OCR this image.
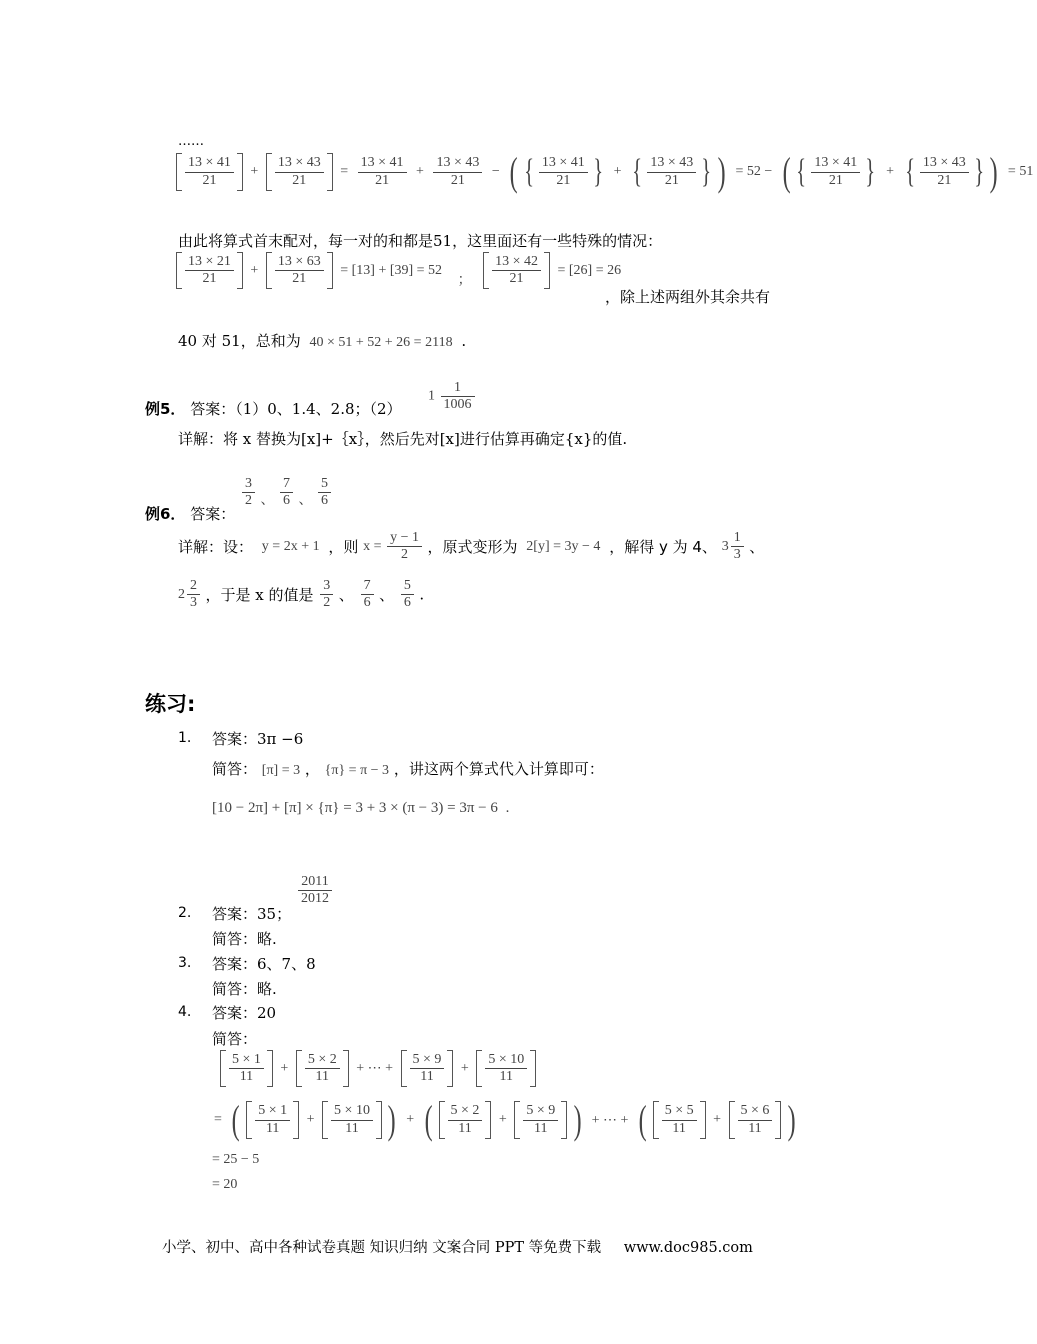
……
$\frac{13 \times 41}{21} + \frac{13 \times 43}{21} = \frac{13 \times 41}{21} + \frac{13 \times 43}{21}$ − ( { $\frac{13 \times 41}{21}$ } + { $\frac{13 \times 43}{21}$ } ) = 52 − ( { $\frac{13 \times 41}{21}$ } + { $\frac{13 \times 43}{21}$ } ) = 51
由此将算式首末配对，每一对的和都是51，这里面还有一些特殊的情况：
$\frac{13 \times 21}{21} + \frac{13 \times 63}{21} = [13] + [39] = 52$ ； $\frac{13 \times 42}{21} = [26] = 26$
，除上述两组外其余共有
40 对 51，总和为 40 × 51 + 52 + 26 = 2118 .
例5． 答案：（1）0、1.4、2.8；（2）
$1 \frac{1}{1006}$
详解：将 x 替换为[x]+｛x｝，然后先对[x]进行估算再确定{x}的值.
例6． 答案：
$\frac{3}{2}$ 、 $\frac{7}{6}$ 、 $\frac{5}{6}$
详解：设： y = 2x + 1 ，则 $x = \frac{y - 1}{2}$ ，原式变形为 2[y] = 3y − 4 ，解得 y 为 4、 $3 \frac{1}{3}$ 、
$2 \frac{2}{3}$ ，于是 x 的值是 $\frac{3}{2}$ 、 $\frac{7}{6}$ 、 $\frac{5}{6}$ .
练习:
1. 答案：3π −6
简答： [π] = 3 ， {π} = π − 3 ，讲这两个算式代入计算即可：
[10 − 2π] + [π] × {π} = 3 + 3 × (π − 3) = 3π − 6 .
2. 答案：35；
$\frac{2011}{2012}$
简答：略.
3. 答案：6、7、8
简答：略.
4. 答案：20
简答：
$\frac{5 \times 1}{11} + \frac{5 \times 2}{11}$ + ⋯ + $\frac{5 \times 9}{11} + \frac{5 \times 10}{11}$
= ( $\frac{5 \times 1}{11} + \frac{5 \times 10}{11}$ ) + ( $\frac{5 \times 2}{11} + \frac{5 \times 9}{11}$ ) + ⋯ + ( $\frac{5 \times 5}{11} + \frac{5 \times 6}{11}$ )
= 25 − 5
= 20
小学、初中、高中各种试卷真题 知识归纳 文案合同 PPT 等免费下载 www.doc985.com
